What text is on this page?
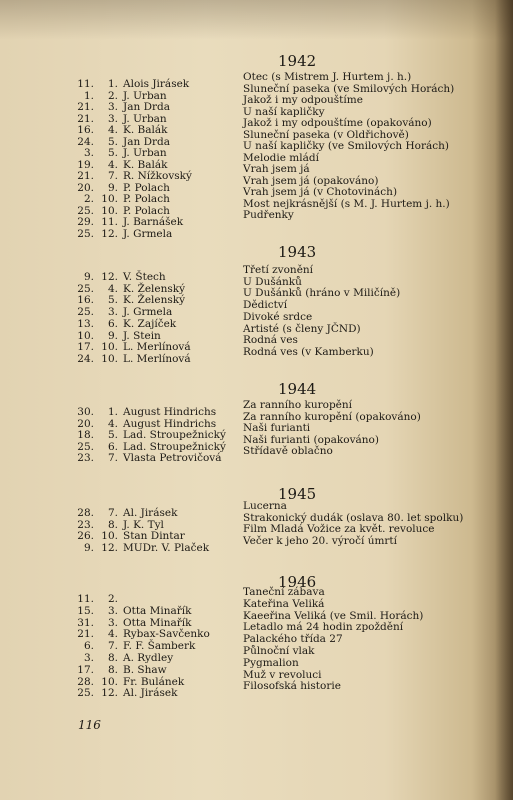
1942
11. 1. Alois Jirásek
Otec (s Mistrem J. Hurtem j. h.)
1. 2. J. Urban
Sluneční paseka (ve Smilových Horách)
21. 3. Jan Drda
Jakož i my odpouštíme
21. 3. J. Urban
U naší kapličky
16. 4. K. Balák
Jakož i my odpouštíme (opakováno)
24. 5. Jan Drda
Sluneční paseka (v Oldřichově)
3. 5. J. Urban
U naší kapličky (ve Smilových Horách)
19. 4. K. Balák
Melodie mládí
21. 7. R. Nížkovský
Vrah jsem já
20. 9. P. Polach
Vrah jsem já (opakováno)
2. 10. P. Polach
Vrah jsem já (v Chotovinách)
25. 10. P. Polach
Most nejkrásnější (s M. J. Hurtem j. h.)
29. 11. J. Barnášek
Pudřenky
25. 12. J. Grmela
1943
9. 12. V. Štech
Třetí zvonění
25. 4. K. Želenský
U Dušánků
16. 5. K. Želenský
U Dušánků (hráno v Miličíně)
25. 3. J. Grmela
Dědictví
13. 6. K. Zajíček
Divoké srdce
10. 9. J. Stein
Artisté (s členy JČND)
17. 10. L. Merlínová
Rodná ves
24. 10. L. Merlínová
Rodná ves (v Kamberku)
1944
30. 1. August Hindrichs
Za ranního kuropění
20. 4. August Hindrichs
Za ranního kuropění (opakováno)
18. 5. Lad. Stroupežnický
Naši furianti
25. 6. Lad. Stroupežnický
Naši furianti (opakováno)
23. 7. Vlasta Petrovičová
Střídavě oblačno
1945
28. 7. Al. Jirásek
Lucerna
23. 8. J. K. Tyl
Strakonický dudák (oslava 80. let spolku)
26. 10. Stan Dintar
Film Mladá Vožice za květ. revoluce
9. 12. MUDr. V. Plaček
Večer k jeho 20. výročí úmrtí
1946
11. 2.
Taneční zábava
15. 3. Otta Minařík
Kateřina Veliká
31. 3. Otta Minařík
Kaeeřina Veliká (ve Smil. Horách)
21. 4. Rybax-Savčenko
Letadlo má 24 hodin zpoždění
6. 7. F. F. Šamberk
Palackého třída 27
3. 8. A. Rydley
Půlnoční vlak
17. 8. B. Shaw
Pygmalion
28. 10. Fr. Bulánek
Muž v revoluci
25. 12. Al. Jirásek
Filosofská historie
116
